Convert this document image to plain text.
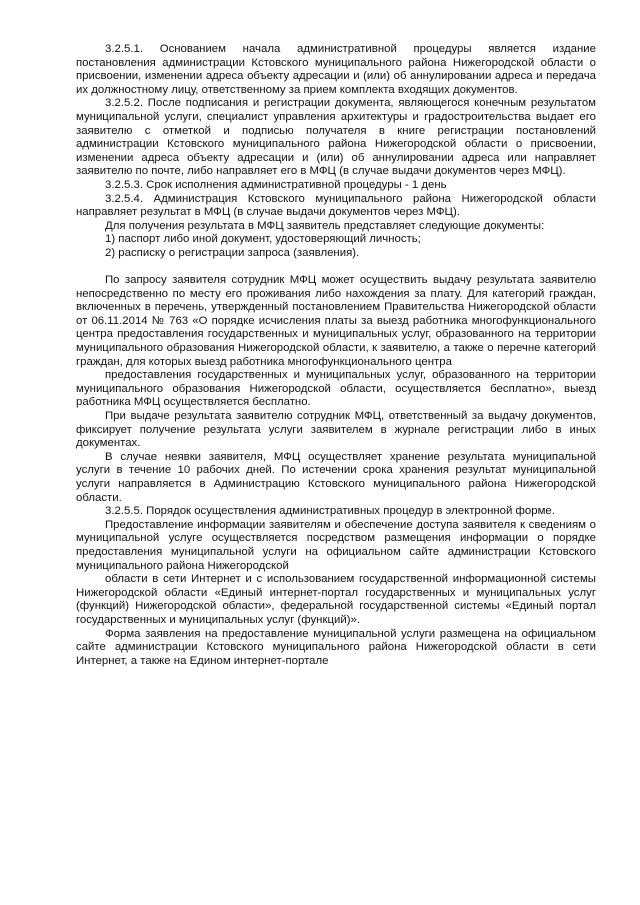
3.2.5.1. Основанием начала административной процедуры является издание постановления администрации Кстовского муниципального района Нижегородской области о присвоении, изменении адреса объекту адресации и (или) об аннулировании адреса и передача их должностному лицу, ответственному за прием комплекта входящих документов.

3.2.5.2. После подписания и регистрации документа, являющегося конечным результатом муниципальной услуги, специалист управления архитектуры и градостроительства выдает его заявителю с отметкой и подписью получателя в книге регистрации постановлений администрации Кстовского муниципального района Нижегородской области о присвоении, изменении адреса объекту адресации и (или) об аннулировании адреса или направляет заявителю по почте, либо направляет его в МФЦ (в случае выдачи документов через МФЦ).

3.2.5.3. Срок исполнения административной процедуры - 1 день

3.2.5.4. Администрация Кстовского муниципального района Нижегородской области направляет результат в МФЦ (в случае выдачи документов через МФЦ).

Для получения результата в МФЦ заявитель представляет следующие документы:

1) паспорт либо иной документ, удостоверяющий личность;

2) расписку о регистрации запроса (заявления).

По запросу заявителя сотрудник МФЦ может осуществить выдачу результата заявителю непосредственно по месту его проживания либо нахождения за плату. Для категорий граждан, включенных в перечень, утвержденный постановлением Правительства Нижегородской области от 06.11.2014 № 763 «О порядке исчисления платы за выезд работника многофункционального центра предоставления государственных и муниципальных услуг, образованного на территории муниципального образования Нижегородской области, к заявителю, а также о перечне категорий граждан, для которых выезд работника многофункционального центра

предоставления государственных и муниципальных услуг, образованного на территории муниципального образования Нижегородской области, осуществляется бесплатно», выезд работника МФЦ осуществляется бесплатно.

При выдаче результата заявителю сотрудник МФЦ, ответственный за выдачу документов, фиксирует получение результата услуги заявителем в журнале регистрации либо в иных документах.

В случае неявки заявителя, МФЦ осуществляет хранение результата муниципальной услуги в течение 10 рабочих дней. По истечении срока хранения результат муниципальной услуги направляется в Администрацию Кстовского муниципального района Нижегородской области.

3.2.5.5. Порядок осуществления административных процедур в электронной форме.

Предоставление информации заявителям и обеспечение доступа заявителя к сведениям о муниципальной услуге осуществляется посредством размещения информации о порядке предоставления муниципальной услуги на официальном сайте администрации Кстовского муниципального района Нижегородской

области в сети Интернет и с использованием государственной информационной системы Нижегородской области «Единый интернет-портал государственных и муниципальных услуг (функций) Нижегородской области», федеральной государственной системы «Единый портал государственных и муниципальных услуг (функций)».

Форма заявления на предоставление муниципальной услуги размещена на официальном сайте администрации Кстовского муниципального района Нижегородской области в сети Интернет, а также на Едином интернет-портале
